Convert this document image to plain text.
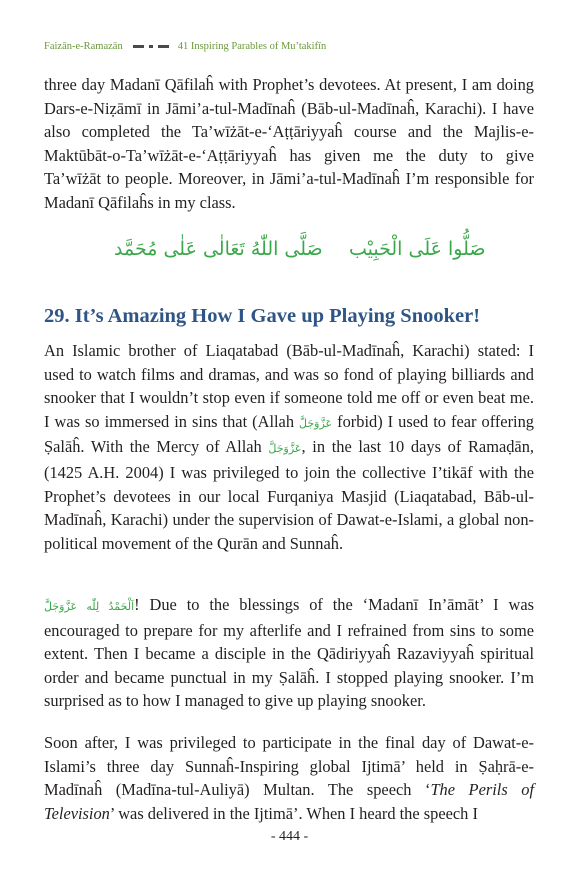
Faizān-e-Ramazān	41 Inspiring Parables of Mu’takifīn

three day Madanī Qāfilaĥ with Prophet’s devotees. At present, I am doing Dars-e-Niẓāmī in Jāmi’a-tul-Madīnaĥ (Bāb-ul-Madīnaĥ, Karachi). I have also completed the Ta’wīżāt-e-‘Aṭṭāriyyaĥ course and the Majlis-e-Maktūbāt-o-Ta’wīżāt-e-‘Aṭṭāriyyaĥ has given me the duty to give Ta’wīżāt to people. Moreover, in Jāmi’a-tul-Madīnaĥ I’m responsible for Madanī Qāfilaĥs in my class.

صَلَّى اللّٰهُ تَعَالٰى عَلٰى مُحَمَّد صَلُّوا عَلَى الْحَبِيْب
29. It’s Amazing How I Gave up Playing Snooker!

An Islamic brother of Liaqatabad (Bāb-ul-Madīnaĥ, Karachi) stated: I used to watch films and dramas, and was so fond of playing billiards and snooker that I wouldn’t stop even if someone told me off or even beat me. I was so immersed in sins that (Allah عَزَّوَجَلَّ forbid) I used to fear offering Ṣalāĥ. With the Mercy of Allah عَزَّوَجَلَّ, in the last 10 days of Ramaḍān, (1425 A.H. 2004) I was privileged to join the collective I’tikāf with the Prophet’s devotees in our local Furqaniya Masjid (Liaqatabad, Bāb-ul-Madīnaĥ, Karachi) under the supervision of Dawat-e-Islami, a global non-political movement of the Qurān and Sunnaĥ.

اَلْحَمْدُ لِلّٰه عَزَّوَجَلَّ! Due to the blessings of the ‘Madanī In’āmāt’ I was encouraged to prepare for my afterlife and I refrained from sins to some extent. Then I became a disciple in the Qādiriyyaĥ Razaviyyaĥ spiritual order and became punctual in my Ṣalāĥ. I stopped playing snooker. I’m surprised as to how I managed to give up playing snooker.

Soon after, I was privileged to participate in the final day of Dawat-e-Islami’s three day Sunnaĥ-Inspiring global Ijtimā’ held in Ṣaḥrā-e-Madīnaĥ (Madīna-tul-Auliyā) Multan. The speech ‘The Perils of Television’ was delivered in the Ijtimā’. When I heard the speech I

- 444 -
